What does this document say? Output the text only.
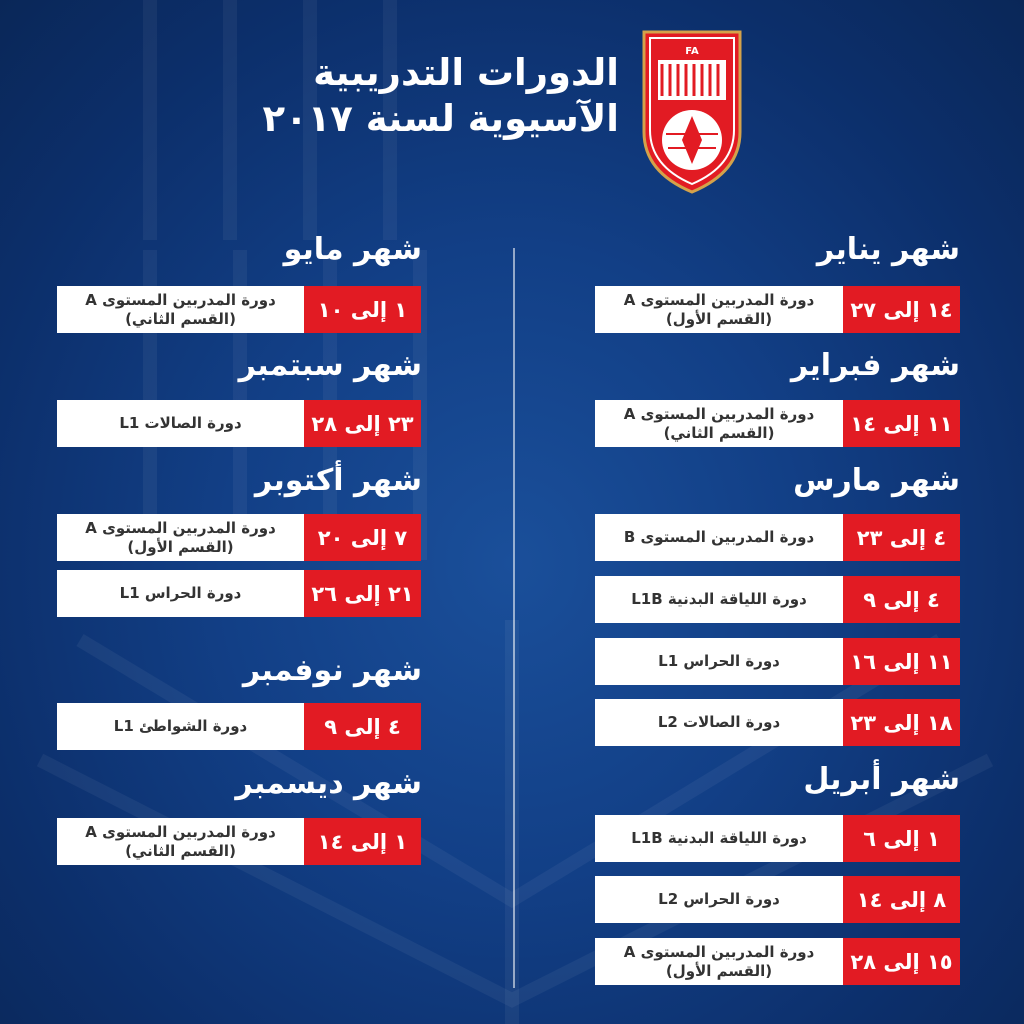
الدورات التدريبية
الآسيوية لسنة ٢٠١٧
FA
شهر يناير
دورة المدربين المستوى A
(القسم الأول)	١٤ إلى ٢٧
شهر فبراير
دورة المدربين المستوى A
(القسم الثاني)	١١ إلى ١٤
شهر مارس
دورة المدربين المستوى B	٤ إلى ٢٣
دورة اللياقة البدنية L1B	٤ إلى ٩
دورة الحراس L1	١١ إلى ١٦
دورة الصالات L2	١٨ إلى ٢٣
شهر أبريل
دورة اللياقة البدنية L1B	١ إلى ٦
دورة الحراس L2	٨ إلى ١٤
دورة المدربين المستوى A
(القسم الأول)	١٥ إلى ٢٨
شهر مايو
دورة المدربين المستوى A
(القسم الثاني)	١ إلى ١٠
شهر سبتمبر
دورة الصالات L1	٢٣ إلى ٢٨
شهر أكتوبر
دورة المدربين المستوى A
(القسم الأول)	٧ إلى ٢٠
دورة الحراس L1	٢١ إلى ٢٦
شهر نوفمبر
دورة الشواطئ L1	٤ إلى ٩
شهر ديسمبر
دورة المدربين المستوى A
(القسم الثاني)	١ إلى ١٤
